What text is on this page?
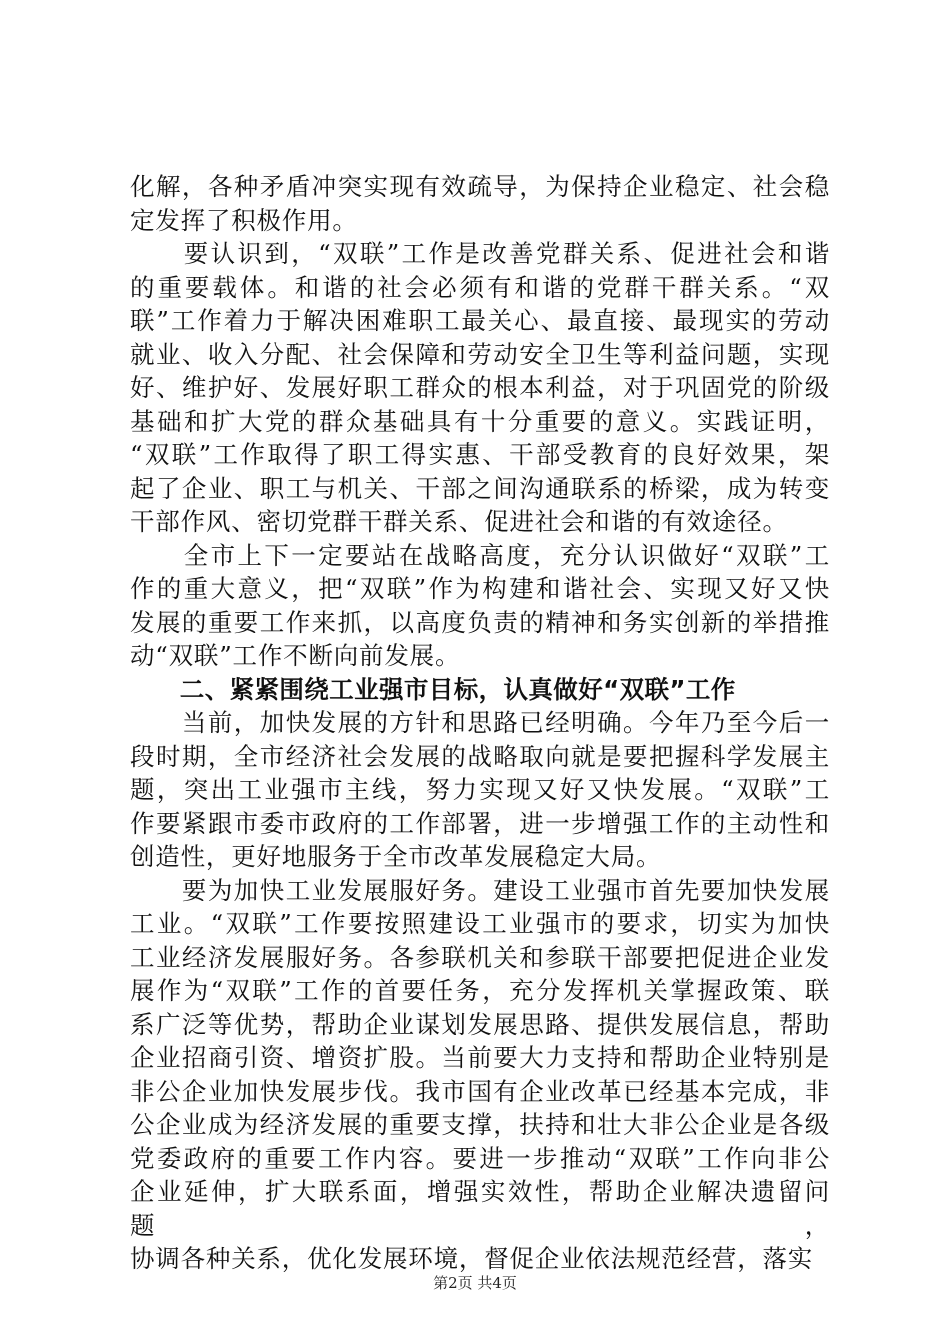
化解，各种矛盾冲突实现有效疏导，为保持企业稳定、社会稳
定发挥了积极作用。

　　要认识到，“双联”工作是改善党群关系、促进社会和谐
的重要载体。和谐的社会必须有和谐的党群干群关系。“双
联”工作着力于解决困难职工最关心、最直接、最现实的劳动
就业、收入分配、社会保障和劳动安全卫生等利益问题，实现
好、维护好、发展好职工群众的根本利益，对于巩固党的阶级
基础和扩大党的群众基础具有十分重要的意义。实践证明，
“双联”工作取得了职工得实惠、干部受教育的良好效果，架
起了企业、职工与机关、干部之间沟通联系的桥梁，成为转变
干部作风、密切党群干群关系、促进社会和谐的有效途径。

　　全市上下一定要站在战略高度，充分认识做好“双联”工
作的重大意义，把“双联”作为构建和谐社会、实现又好又快
发展的重要工作来抓，以高度负责的精神和务实创新的举措推
动“双联”工作不断向前发展。

　　二、紧紧围绕工业强市目标，认真做好“双联”工作

　　当前，加快发展的方针和思路已经明确。今年乃至今后一
段时期，全市经济社会发展的战略取向就是要把握科学发展主
题，突出工业强市主线，努力实现又好又快发展。“双联”工
作要紧跟市委市政府的工作部署，进一步增强工作的主动性和
创造性，更好地服务于全市改革发展稳定大局。

　　要为加快工业发展服好务。建设工业强市首先要加快发展
工业。“双联”工作要按照建设工业强市的要求，切实为加快
工业经济发展服好务。各参联机关和参联干部要把促进企业发
展作为“双联”工作的首要任务，充分发挥机关掌握政策、联
系广泛等优势，帮助企业谋划发展思路、提供发展信息，帮助
企业招商引资、增资扩股。当前要大力支持和帮助企业特别是
非公企业加快发展步伐。我市国有企业改革已经基本完成，非
公企业成为经济发展的重要支撑，扶持和壮大非公企业是各级
党委政府的重要工作内容。要进一步推动“双联”工作向非公
企业延伸，扩大联系面，增强实效性，帮助企业解决遗留问题，
协调各种关系，优化发展环境，督促企业依法规范经营，落实

第2页 共4页
